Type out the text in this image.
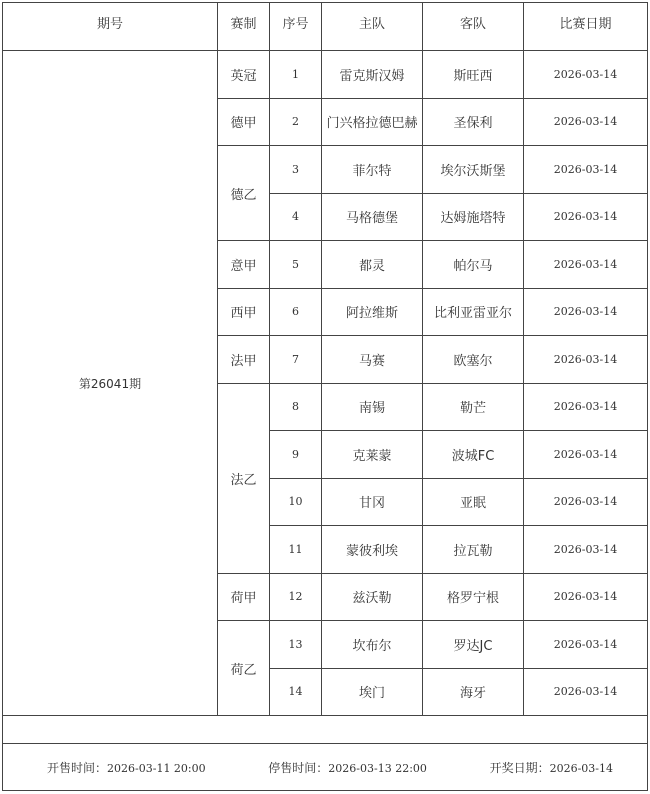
期号	赛制	序号	主队	客队	比赛日期
第26041期	英冠	1	雷克斯汉姆	斯旺西	2026-03-14
	德甲	2	门兴格拉德巴赫	圣保利	2026-03-14
	德乙	3	菲尔特	埃尔沃斯堡	2026-03-14
		4	马格德堡	达姆施塔特	2026-03-14
	意甲	5	都灵	帕尔马	2026-03-14
	西甲	6	阿拉维斯	比利亚雷亚尔	2026-03-14
	法甲	7	马赛	欧塞尔	2026-03-14
	法乙	8	南锡	勒芒	2026-03-14
		9	克莱蒙	波城FC	2026-03-14
		10	甘冈	亚眠	2026-03-14
		11	蒙彼利埃	拉瓦勒	2026-03-14
	荷甲	12	兹沃勒	格罗宁根	2026-03-14
	荷乙	13	坎布尔	罗达JC	2026-03-14
		14	埃门	海牙	2026-03-14

开售时间：2026-03-11 20:00 停售时间：2026-03-13 22:00 开奖日期：2026-03-14					
